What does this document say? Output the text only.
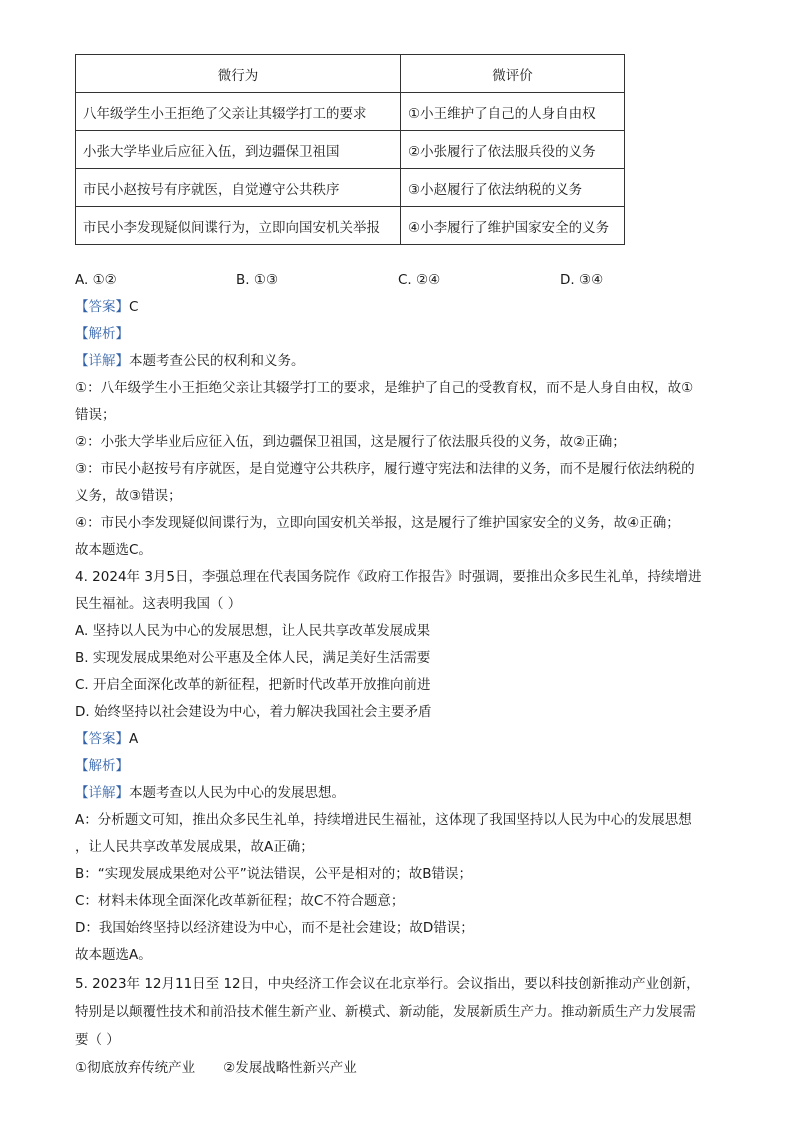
微行为	微评价
八年级学生小王拒绝了父亲让其辍学打工的要求	①小王维护了自己的人身自由权
小张大学毕业后应征入伍，到边疆保卫祖国	②小张履行了依法服兵役的义务
市民小赵按号有序就医，自觉遵守公共秩序	③小赵履行了依法纳税的义务
市民小李发现疑似间谍行为，立即向国安机关举报	④小李履行了维护国家安全的义务
A. ①②	B. ①③	C. ②④	D. ③④
【答案】C
【解析】
【详解】本题考查公民的权利和义务。
①：八年级学生小王拒绝父亲让其辍学打工的要求，是维护了自己的受教育权，而不是人身自由权，故①
错误；
②：小张大学毕业后应征入伍，到边疆保卫祖国，这是履行了依法服兵役的义务，故②正确；
③：市民小赵按号有序就医，是自觉遵守公共秩序，履行遵守宪法和法律的义务，而不是履行依法纳税的
义务，故③错误；
④：市民小李发现疑似间谍行为，立即向国安机关举报，这是履行了维护国家安全的义务，故④正确；
故本题选C。
4. 2024年 3月5日，李强总理在代表国务院作《政府工作报告》时强调，要推出众多民生礼单，持续增进
民生福祉。这表明我国（ ）
A. 坚持以人民为中心的发展思想，让人民共享改革发展成果
B. 实现发展成果绝对公平惠及全体人民，满足美好生活需要
C. 开启全面深化改革的新征程，把新时代改革开放推向前进
D. 始终坚持以社会建设为中心，着力解决我国社会主要矛盾
【答案】A
【解析】
【详解】本题考查以人民为中心的发展思想。
A：分析题文可知，推出众多民生礼单，持续增进民生福祉，这体现了我国坚持以人民为中心的发展思想
，让人民共享改革发展成果，故A正确；
B：“实现发展成果绝对公平”说法错误，公平是相对的；故B错误；
C：材料未体现全面深化改革新征程；故C不符合题意；
D：我国始终坚持以经济建设为中心，而不是社会建设；故D错误；
故本题选A。
5. 2023年 12月11日至 12日，中央经济工作会议在北京举行。会议指出，要以科技创新推动产业创新，
特别是以颠覆性技术和前沿技术催生新产业、新模式、新动能，发展新质生产力。推动新质生产力发展需
要（ ）
①彻底放弃传统产业 ②发展战略性新兴产业
